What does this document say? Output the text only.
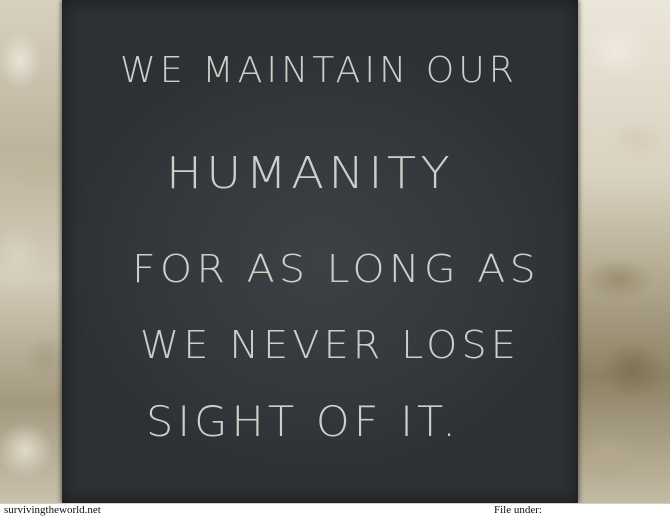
WE MAINTAIN OUR
HUMANITY
FOR AS LONG AS
WE NEVER LOSE
SIGHT OF IT.
survivingtheworld.net	File under:
